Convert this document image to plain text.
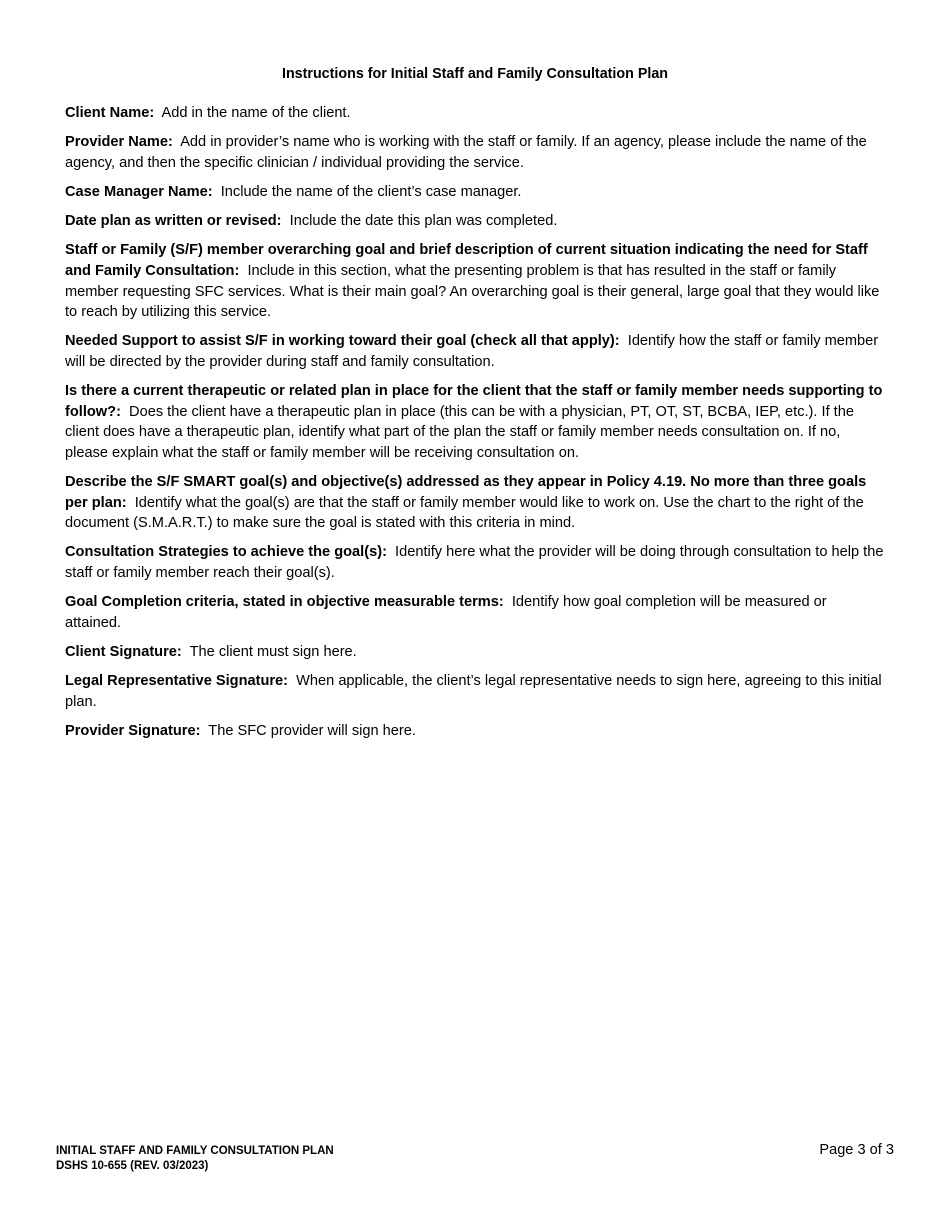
Instructions for Initial Staff and Family Consultation Plan

Client Name: Add in the name of the client.

Provider Name: Add in provider’s name who is working with the staff or family. If an agency, please include the name of the agency, and then the specific clinician / individual providing the service.

Case Manager Name: Include the name of the client’s case manager.

Date plan as written or revised: Include the date this plan was completed.

Staff or Family (S/F) member overarching goal and brief description of current situation indicating the need for Staff and Family Consultation: Include in this section, what the presenting problem is that has resulted in the staff or family member requesting SFC services. What is their main goal? An overarching goal is their general, large goal that they would like to reach by utilizing this service.

Needed Support to assist S/F in working toward their goal (check all that apply): Identify how the staff or family member will be directed by the provider during staff and family consultation.

Is there a current therapeutic or related plan in place for the client that the staff or family member needs supporting to follow?: Does the client have a therapeutic plan in place (this can be with a physician, PT, OT, ST, BCBA, IEP, etc.). If the client does have a therapeutic plan, identify what part of the plan the staff or family member needs consultation on. If no, please explain what the staff or family member will be receiving consultation on.

Describe the S/F SMART goal(s) and objective(s) addressed as they appear in Policy 4.19. No more than three goals per plan: Identify what the goal(s) are that the staff or family member would like to work on. Use the chart to the right of the document (S.M.A.R.T.) to make sure the goal is stated with this criteria in mind.

Consultation Strategies to achieve the goal(s): Identify here what the provider will be doing through consultation to help the staff or family member reach their goal(s).

Goal Completion criteria, stated in objective measurable terms: Identify how goal completion will be measured or attained.

Client Signature: The client must sign here.

Legal Representative Signature: When applicable, the client’s legal representative needs to sign here, agreeing to this initial plan.

Provider Signature: The SFC provider will sign here.

INITIAL STAFF AND FAMILY CONSULTATION PLAN
DSHS 10-655 (REV. 03/2023)
Page 3 of 3
